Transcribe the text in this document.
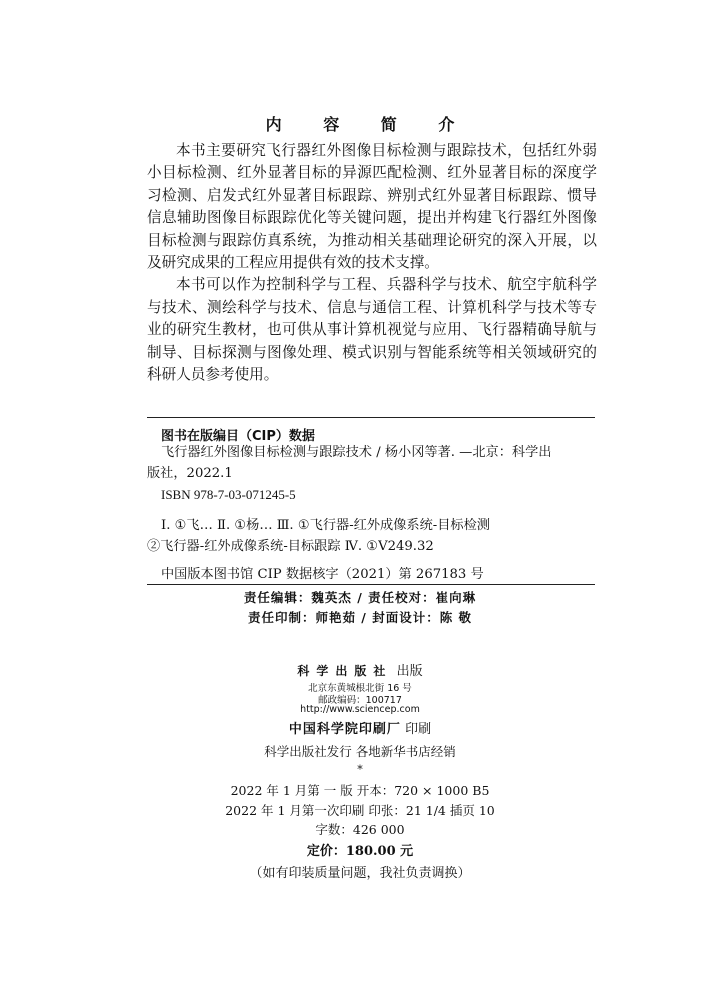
内 容 简 介

本书主要研究飞行器红外图像目标检测与跟踪技术，包括红外弱小目标检测、红外显著目标的异源匹配检测、红外显著目标的深度学习检测、启发式红外显著目标跟踪、辨别式红外显著目标跟踪、惯导信息辅助图像目标跟踪优化等关键问题，提出并构建飞行器红外图像目标检测与跟踪仿真系统，为推动相关基础理论研究的深入开展，以及研究成果的工程应用提供有效的技术支撑。

本书可以作为控制科学与工程、兵器科学与技术、航空宇航科学与技术、测绘科学与技术、信息与通信工程、计算机科学与技术等专业的研究生教材，也可供从事计算机视觉与应用、飞行器精确导航与制导、目标探测与图像处理、模式识别与智能系统等相关领域研究的科研人员参考使用。

图书在版编目（CIP）数据
飞行器红外图像目标检测与跟踪技术 / 杨小冈等著. —北京：科学出
版社，2022.1
ISBN 978-7-03-071245-5
Ⅰ. ①飞… Ⅱ. ①杨… Ⅲ. ①飞行器-红外成像系统-目标检测
②飞行器-红外成像系统-目标跟踪 Ⅳ. ①V249.32
中国版本图书馆 CIP 数据核字（2021）第 267183 号
责任编辑：魏英杰 / 责任校对：崔向琳
责任印制：师艳茹 / 封面设计：陈 敬
科学出版社 出版
北京东黄城根北街 16 号
邮政编码：100717
http://www.sciencep.com
中国科学院印刷厂 印刷
科学出版社发行 各地新华书店经销
*
2022 年 1 月第 一 版 开本：720 × 1000 B5
2022 年 1 月第一次印刷 印张：21 1/4 插页 10
字数：426 000
定价：180.00 元
（如有印装质量问题，我社负责调换）
